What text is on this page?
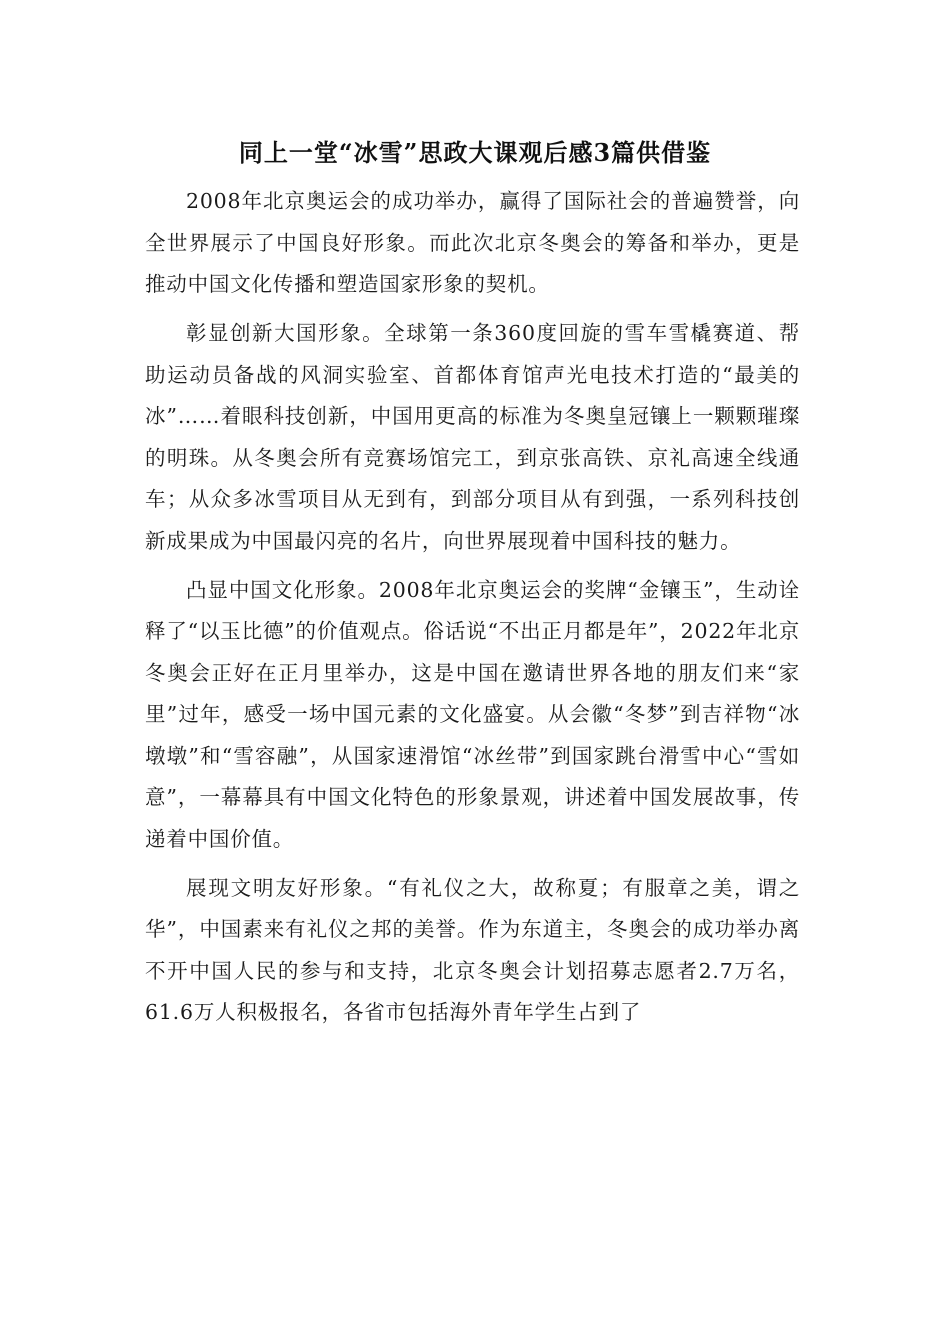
同上一堂“冰雪”思政大课观后感3篇供借鉴

2008年北京奥运会的成功举办，赢得了国际社会的普遍赞誉，向全世界展示了中国良好形象。而此次北京冬奥会的筹备和举办，更是推动中国文化传播和塑造国家形象的契机。

彰显创新大国形象。全球第一条360度回旋的雪车雪橇赛道、帮助运动员备战的风洞实验室、首都体育馆声光电技术打造的“最美的冰”……着眼科技创新，中国用更高的标准为冬奥皇冠镶上一颗颗璀璨的明珠。从冬奥会所有竞赛场馆完工，到京张高铁、京礼高速全线通车；从众多冰雪项目从无到有，到部分项目从有到强，一系列科技创新成果成为中国最闪亮的名片，向世界展现着中国科技的魅力。

凸显中国文化形象。2008年北京奥运会的奖牌“金镶玉”，生动诠释了“以玉比德”的价值观点。俗话说“不出正月都是年”，2022年北京冬奥会正好在正月里举办，这是中国在邀请世界各地的朋友们来“家里”过年，感受一场中国元素的文化盛宴。从会徽“冬梦”到吉祥物“冰墩墩”和“雪容融”，从国家速滑馆“冰丝带”到国家跳台滑雪中心“雪如意”，一幕幕具有中国文化特色的形象景观，讲述着中国发展故事，传递着中国价值。

展现文明友好形象。“有礼仪之大，故称夏；有服章之美，谓之华”，中国素来有礼仪之邦的美誉。作为东道主，冬奥会的成功举办离不开中国人民的参与和支持，北京冬奥会计划招募志愿者2.7万名，61.6万人积极报名，各省市包括海外青年学生占到了
